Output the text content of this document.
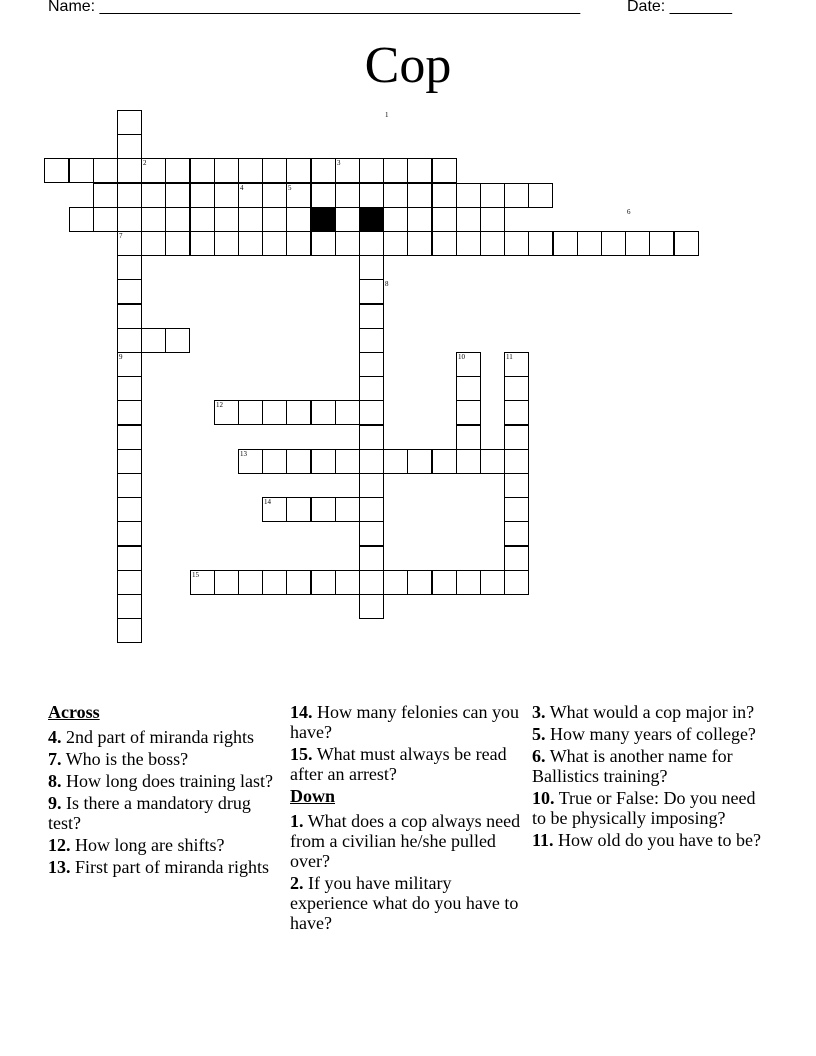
Name: ______________________________________________________	Date: _______
Cop
1
2	3
4	5
6
7
8
9	10	11
12
13
14
15
Across
4. 2nd part of miranda rights
7. Who is the boss?
8. How long does training last?
9. Is there a mandatory drug test?
12. How long are shifts?
13. First part of miranda rights
14. How many felonies can you have?
15. What must always be read after an arrest?
Down
1. What does a cop always need from a civilian he/she pulled over?
2. If you have military experience what do you have to have?
3. What would a cop major in?
5. How many years of college?
6. What is another name for Ballistics training?
10. True or False: Do you need to be physically imposing?
11. How old do you have to be?
